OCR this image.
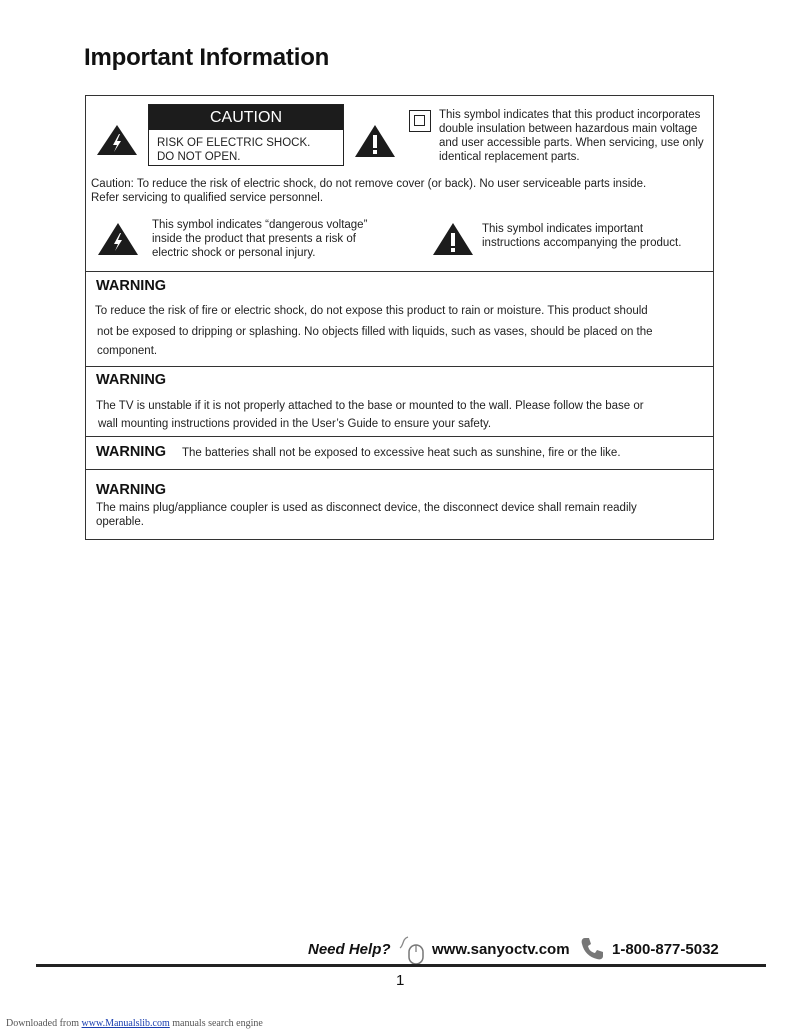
Important Information
CAUTION
RISK OF ELECTRIC SHOCK.
DO NOT OPEN.
This symbol indicates that this product incorporates
double insulation between hazardous main voltage
and user accessible parts. When servicing, use only
identical replacement parts.
Caution: To reduce the risk of electric shock, do not remove cover (or back). No user serviceable parts inside.
Refer servicing to qualified service personnel.
This symbol indicates “dangerous voltage”
inside the product that presents a risk of
electric shock or personal injury.
This symbol indicates important
instructions accompanying the product.
WARNING
To reduce the risk of fire or electric shock, do not expose this product to rain or moisture. This product should
not be exposed to dripping or splashing. No objects filled with liquids, such as vases, should be placed on the
component.
WARNING
The TV is unstable if it is not properly attached to the base or mounted to the wall. Please follow the base or
wall mounting instructions provided in the User’s Guide to ensure your safety.
WARNING The batteries shall not be exposed to excessive heat such as sunshine, fire or the like.
WARNING
The mains plug/appliance coupler is used as disconnect device, the disconnect device shall remain readily
operable.
Need Help?	www.sanyoctv.com	1-800-877-5032
1
Downloaded from www.Manualslib.com manuals search engine
